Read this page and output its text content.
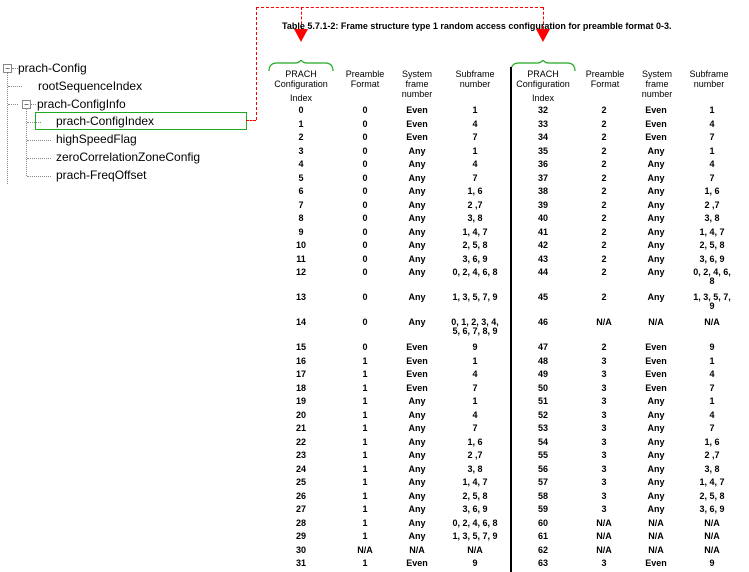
−
−
prach-Config
rootSequenceIndex
prach-ConfigInfo
prach-ConfigIndex
highSpeedFlag
zeroCorrelationZoneConfig
prach-FreqOffset
Table 5.7.1-2: Frame structure type 1 random access configuration for preamble format 0-3.
PRACH Configuration
Index
Preamble Format
System frame number
Subframe number
PRACH Configuration
Index
Preamble Format
System frame number
Subframe number
0	0	Even	1
1	0	Even	4
2	0	Even	7
3	0	Any	1
4	0	Any	4
5	0	Any	7
6	0	Any	1, 6
7	0	Any	2 ,7
8	0	Any	3, 8
9	0	Any	1, 4, 7
10	0	Any	2, 5, 8
11	0	Any	3, 6, 9
12	0	Any	0, 2, 4, 6, 8
13	0	Any	1, 3, 5, 7, 9
14	0	Any	0, 1, 2, 3, 4,
5, 6, 7, 8, 9
15	0	Even	9
16	1	Even	1
17	1	Even	4
18	1	Even	7
19	1	Any	1
20	1	Any	4
21	1	Any	7
22	1	Any	1, 6
23	1	Any	2 ,7
24	1	Any	3, 8
25	1	Any	1, 4, 7
26	1	Any	2, 5, 8
27	1	Any	3, 6, 9
28	1	Any	0, 2, 4, 6, 8
29	1	Any	1, 3, 5, 7, 9
30	N/A	N/A	N/A
31	1	Even	9
32	2	Even	1
33	2	Even	4
34	2	Even	7
35	2	Any	1
36	2	Any	4
37	2	Any	7
38	2	Any	1, 6
39	2	Any	2 ,7
40	2	Any	3, 8
41	2	Any	1, 4, 7
42	2	Any	2, 5, 8
43	2	Any	3, 6, 9
44	2	Any	0, 2, 4, 6,
8
45	2	Any	1, 3, 5, 7,
9
46	N/A	N/A	N/A
47	2	Even	9
48	3	Even	1
49	3	Even	4
50	3	Even	7
51	3	Any	1
52	3	Any	4
53	3	Any	7
54	3	Any	1, 6
55	3	Any	2 ,7
56	3	Any	3, 8
57	3	Any	1, 4, 7
58	3	Any	2, 5, 8
59	3	Any	3, 6, 9
60	N/A	N/A	N/A
61	N/A	N/A	N/A
62	N/A	N/A	N/A
63	3	Even	9
